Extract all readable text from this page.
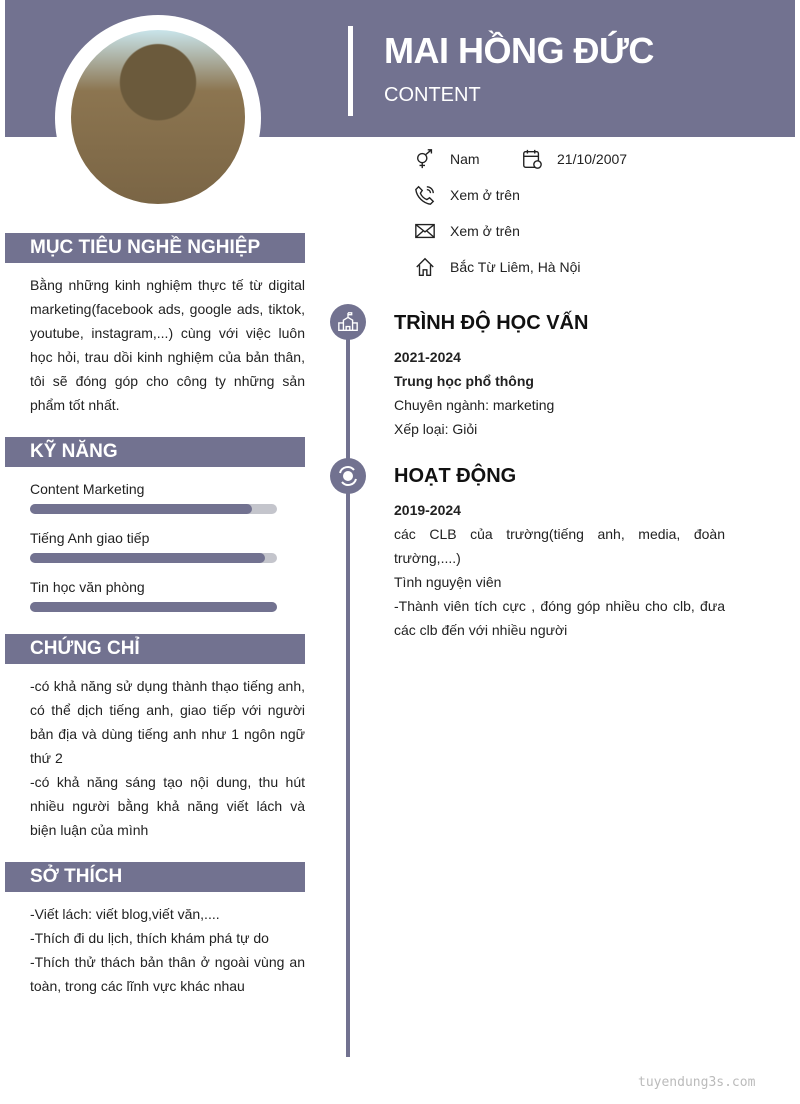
MAI HỒNG ĐỨC
CONTENT
Nam	21/10/2007
Xem ở trên
Xem ở trên
Bắc Từ Liêm, Hà Nội
MỤC TIÊU NGHỀ NGHIỆP
Bằng những kinh nghiệm thực tế từ digital marketing(facebook ads, google ads, tiktok, youtube, instagram,...) cùng với việc luôn học hỏi, trau dồi kinh nghiệm của bản thân, tôi sẽ đóng góp cho công ty những sản phẩm tốt nhất.
KỸ NĂNG
Content Marketing
Tiếng Anh giao tiếp
Tin học văn phòng
CHỨNG CHỈ
-có khả năng sử dụng thành thạo tiếng anh, có thể dịch tiếng anh, giao tiếp với người bản địa và dùng tiếng anh như 1 ngôn ngữ thứ 2
-có khả năng sáng tạo nội dung, thu hút nhiều người bằng khả năng viết lách và biện luận của mình
SỞ THÍCH
-Viết lách: viết blog,viết văn,....
-Thích đi du lịch, thích khám phá tự do
-Thích thử thách bản thân ở ngoài vùng an toàn, trong các lĩnh vực khác nhau
TRÌNH ĐỘ HỌC VẤN
2021-2024
Trung học phổ thông
Chuyên ngành: marketing
Xếp loại: Giỏi
HOẠT ĐỘNG
2019-2024
các CLB của trường(tiếng anh, media, đoàn trường,....)
Tình nguyện viên
-Thành viên tích cực , đóng góp nhiều cho clb, đưa các clb đến với nhiều người
tuyendung3s.com
